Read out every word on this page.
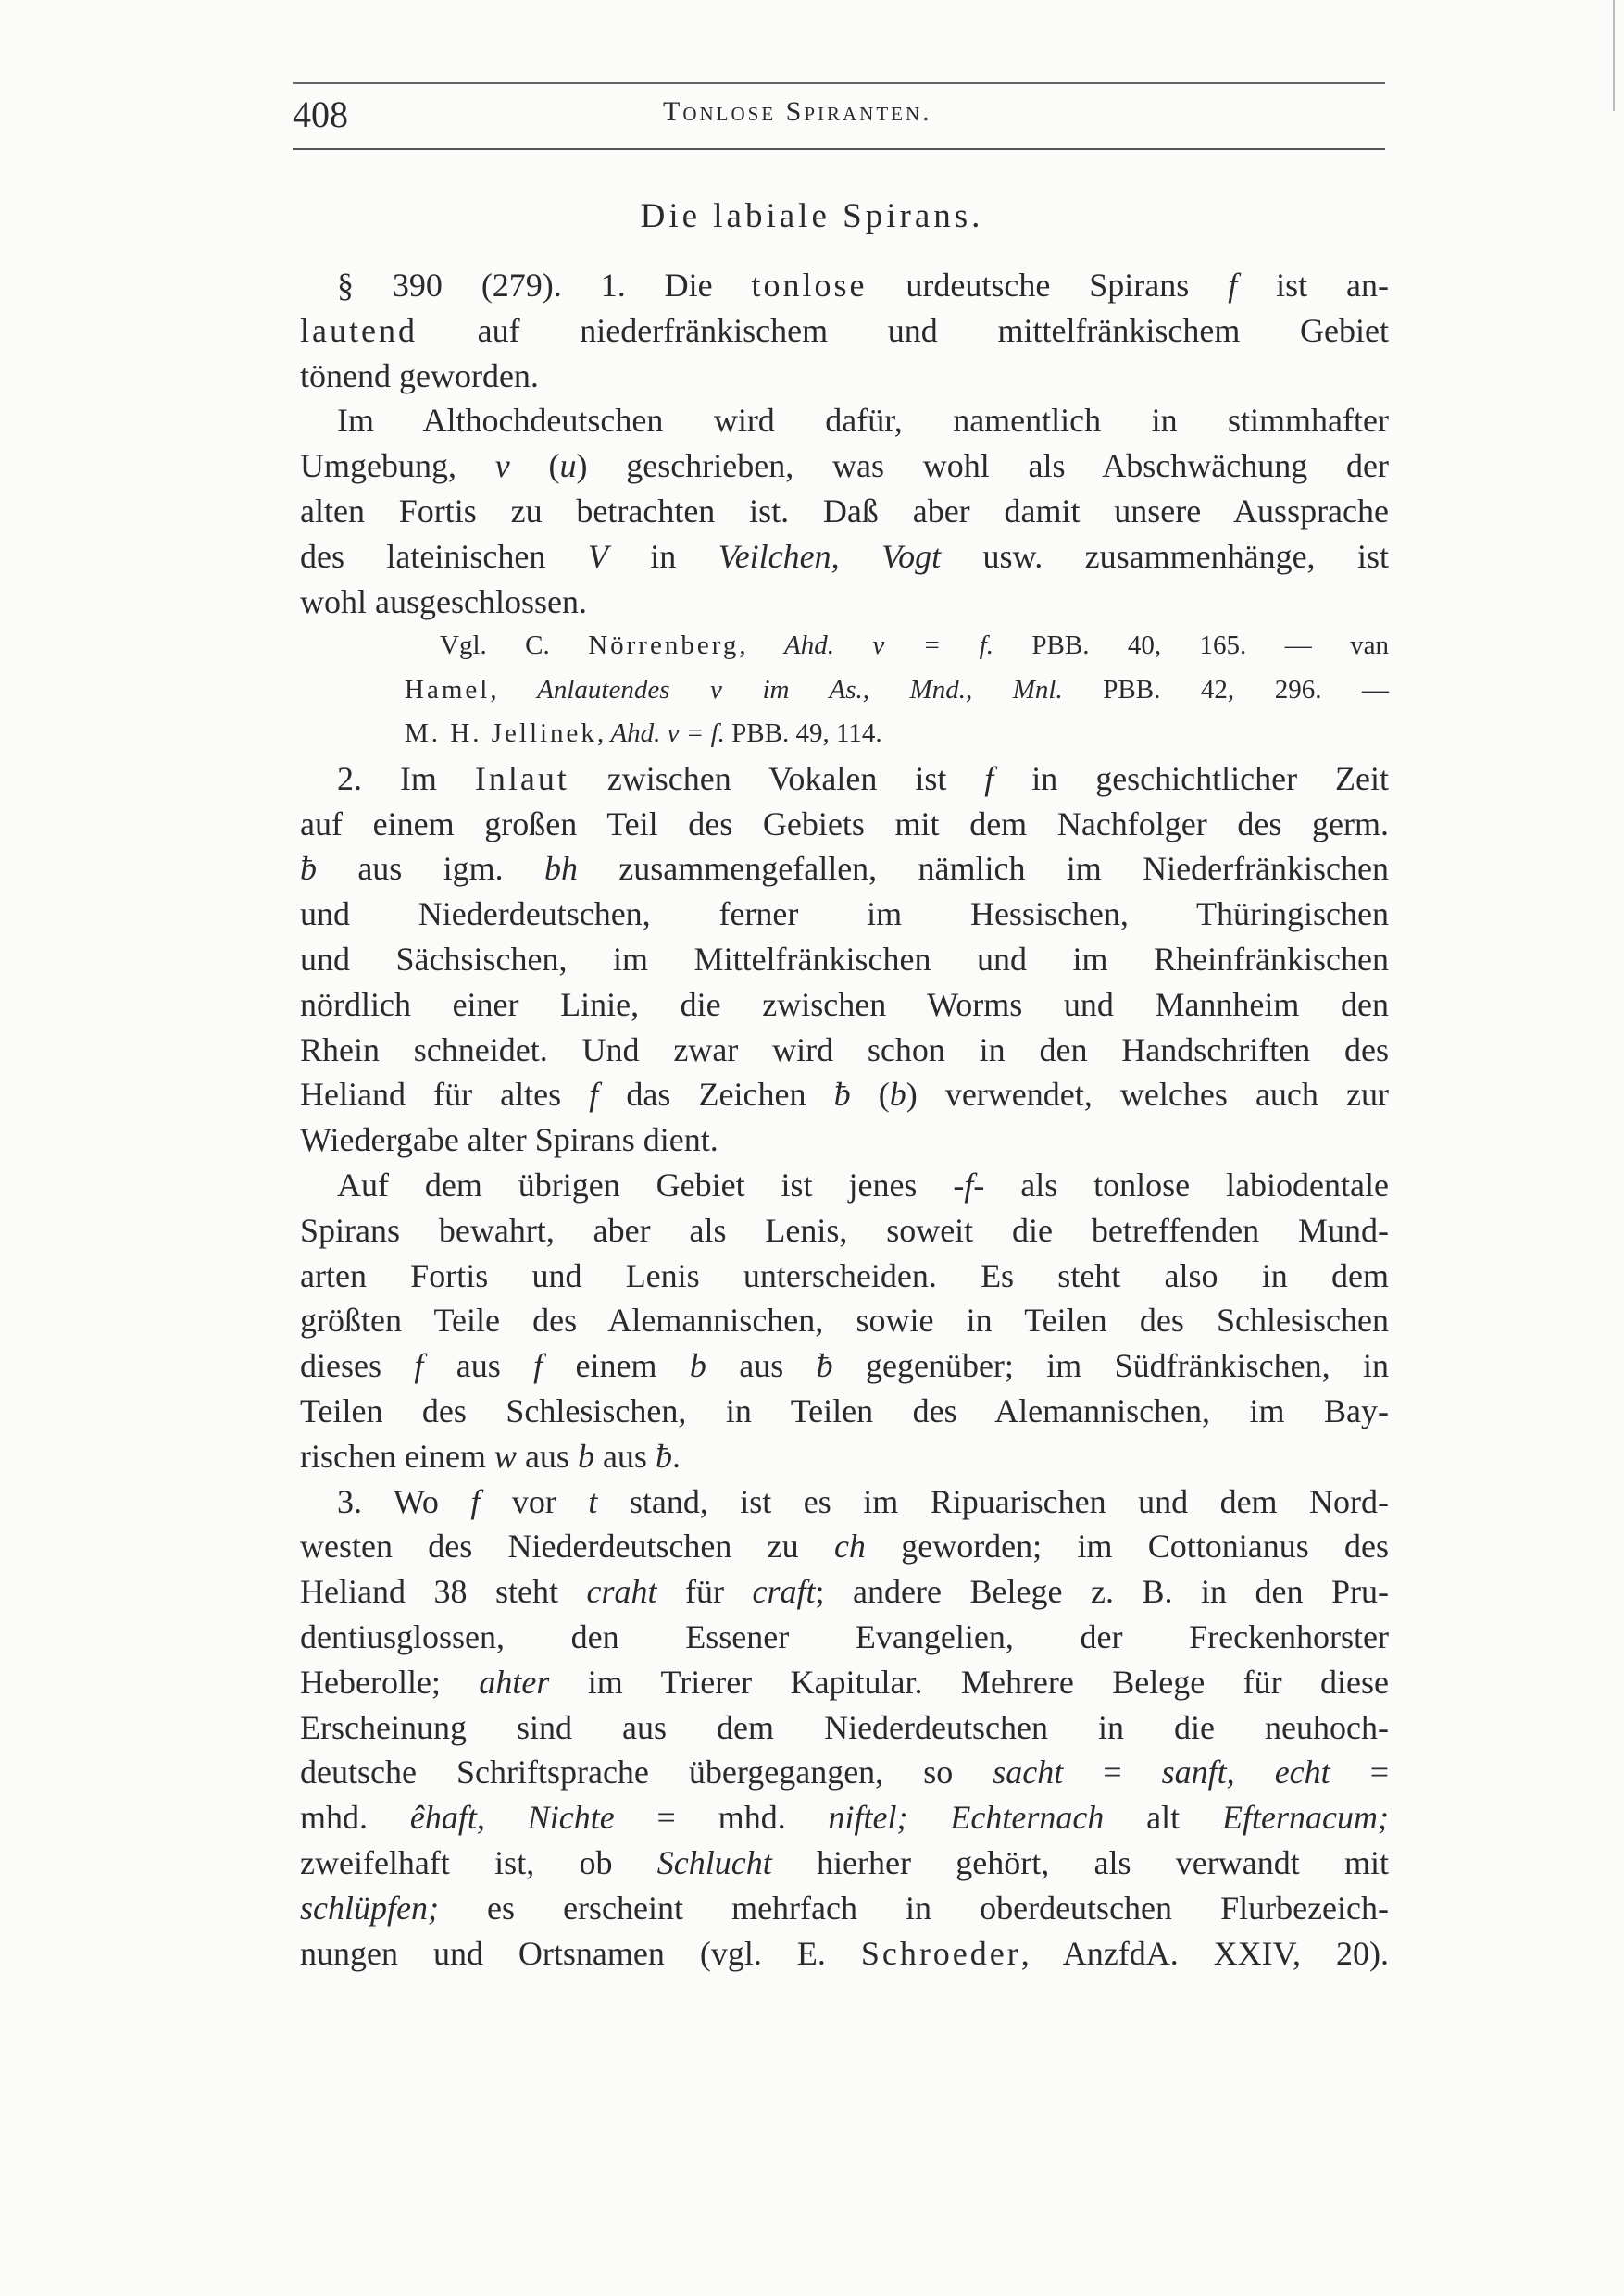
408	Tonlose Spiranten.
Die labiale Spirans.
§ 390 (279). 1. Die tonlose urdeutsche Spirans f ist an-
lautend auf niederfränkischem und mittelfränkischem Gebiet
tönend geworden.
Im Althochdeutschen wird dafür, namentlich in stimmhafter
Umgebung, v (u) geschrieben, was wohl als Abschwächung der
alten Fortis zu betrachten ist. Daß aber damit unsere Aussprache
des lateinischen V in Veilchen, Vogt usw. zusammenhänge, ist
wohl ausgeschlossen.
Vgl. C. Nörrenberg, Ahd. v = f. PBB. 40, 165. — van
Hamel, Anlautendes v im As., Mnd., Mnl. PBB. 42, 296. —
M. H. Jellinek, Ahd. v = f. PBB. 49, 114.
2. Im Inlaut zwischen Vokalen ist f in geschichtlicher Zeit
auf einem großen Teil des Gebiets mit dem Nachfolger des germ.
ƀ aus igm. bh zusammengefallen, nämlich im Niederfränkischen
und Niederdeutschen, ferner im Hessischen, Thüringischen
und Sächsischen, im Mittelfränkischen und im Rheinfränkischen
nördlich einer Linie, die zwischen Worms und Mannheim den
Rhein schneidet. Und zwar wird schon in den Handschriften des
Heliand für altes f das Zeichen ƀ (b) verwendet, welches auch zur
Wiedergabe alter Spirans dient.
Auf dem übrigen Gebiet ist jenes -f- als tonlose labiodentale
Spirans bewahrt, aber als Lenis, soweit die betreffenden Mund-
arten Fortis und Lenis unterscheiden. Es steht also in dem
größten Teile des Alemannischen, sowie in Teilen des Schlesischen
dieses f aus f einem b aus ƀ gegenüber; im Südfränkischen, in
Teilen des Schlesischen, in Teilen des Alemannischen, im Bay-
rischen einem w aus b aus ƀ.
3. Wo f vor t stand, ist es im Ripuarischen und dem Nord-
westen des Niederdeutschen zu ch geworden; im Cottonianus des
Heliand 38 steht craht für craft; andere Belege z. B. in den Pru-
dentiusglossen, den Essener Evangelien, der Freckenhorster
Heberolle; ahter im Trierer Kapitular. Mehrere Belege für diese
Erscheinung sind aus dem Niederdeutschen in die neuhoch-
deutsche Schriftsprache übergegangen, so sacht = sanft, echt =
mhd. êhaft, Nichte = mhd. niftel; Echternach alt Efternacum;
zweifelhaft ist, ob Schlucht hierher gehört, als verwandt mit
schlüpfen; es erscheint mehrfach in oberdeutschen Flurbezeich-
nungen und Ortsnamen (vgl. E. Schroeder, AnzfdA. XXIV, 20).
